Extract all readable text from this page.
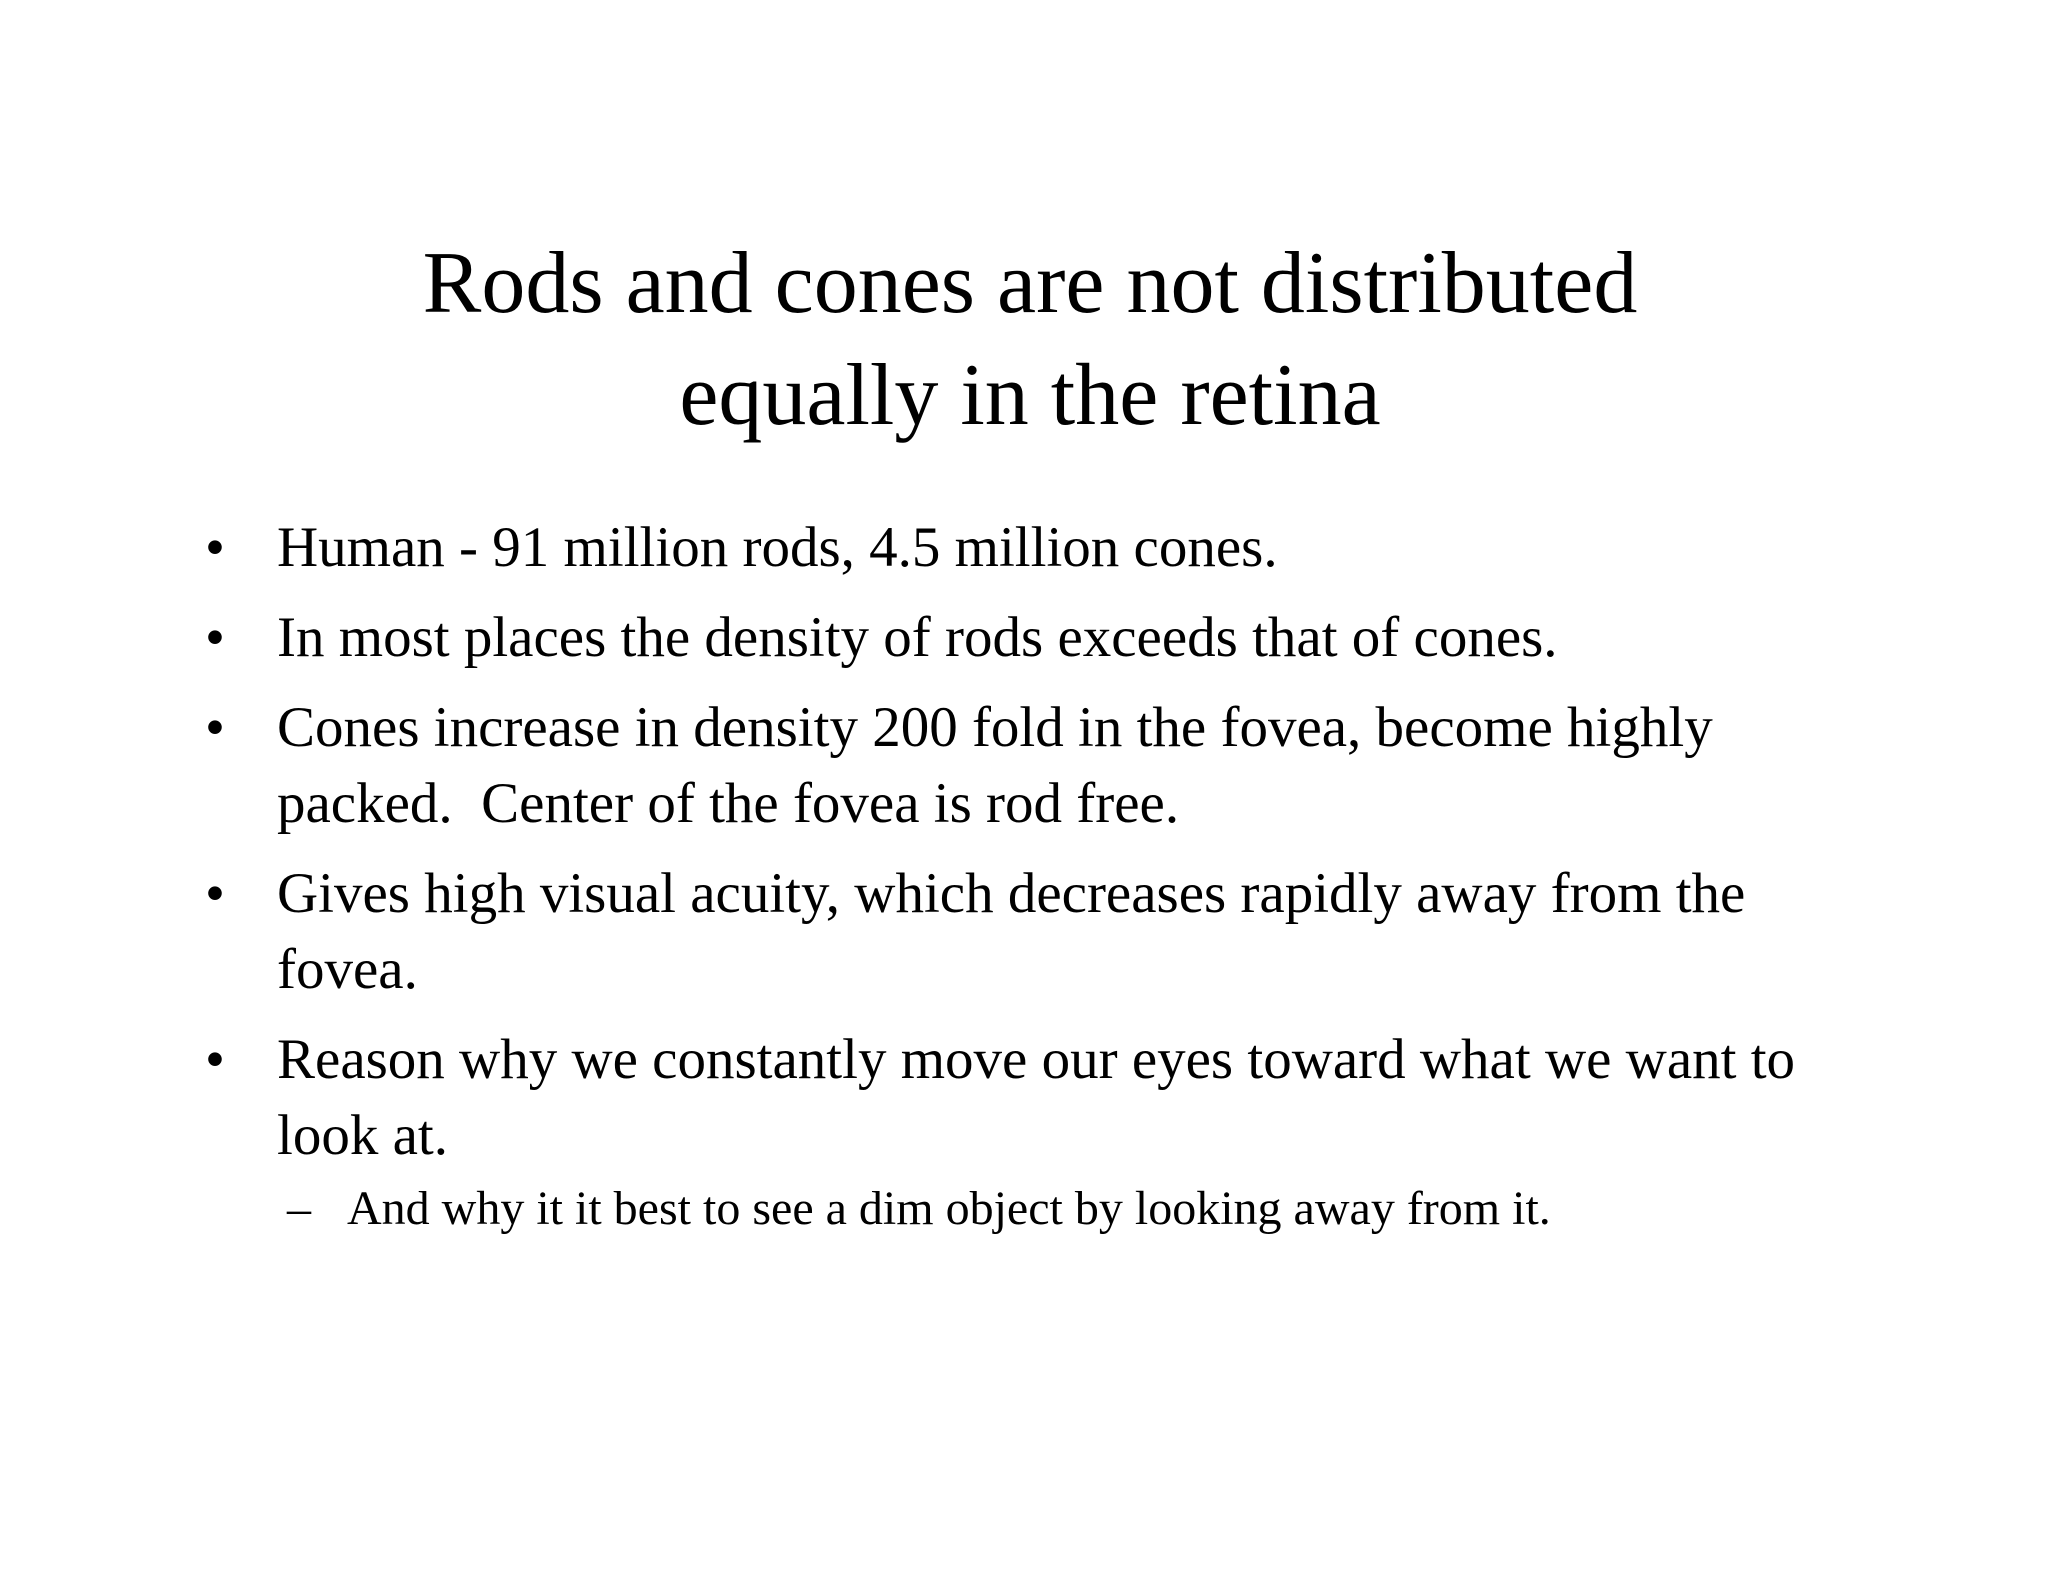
Rods and cones are not distributed
equally in the retina
• Human - 91 million rods, 4.5 million cones.
• In most places the density of rods exceeds that of cones.
• Cones increase in density 200 fold in the fovea, become highly packed.  Center of the fovea is rod free.
• Gives high visual acuity, which decreases rapidly away from the fovea.
• Reason why we constantly move our eyes toward what we want to look at.
– And why it it best to see a dim object by looking away from it.
